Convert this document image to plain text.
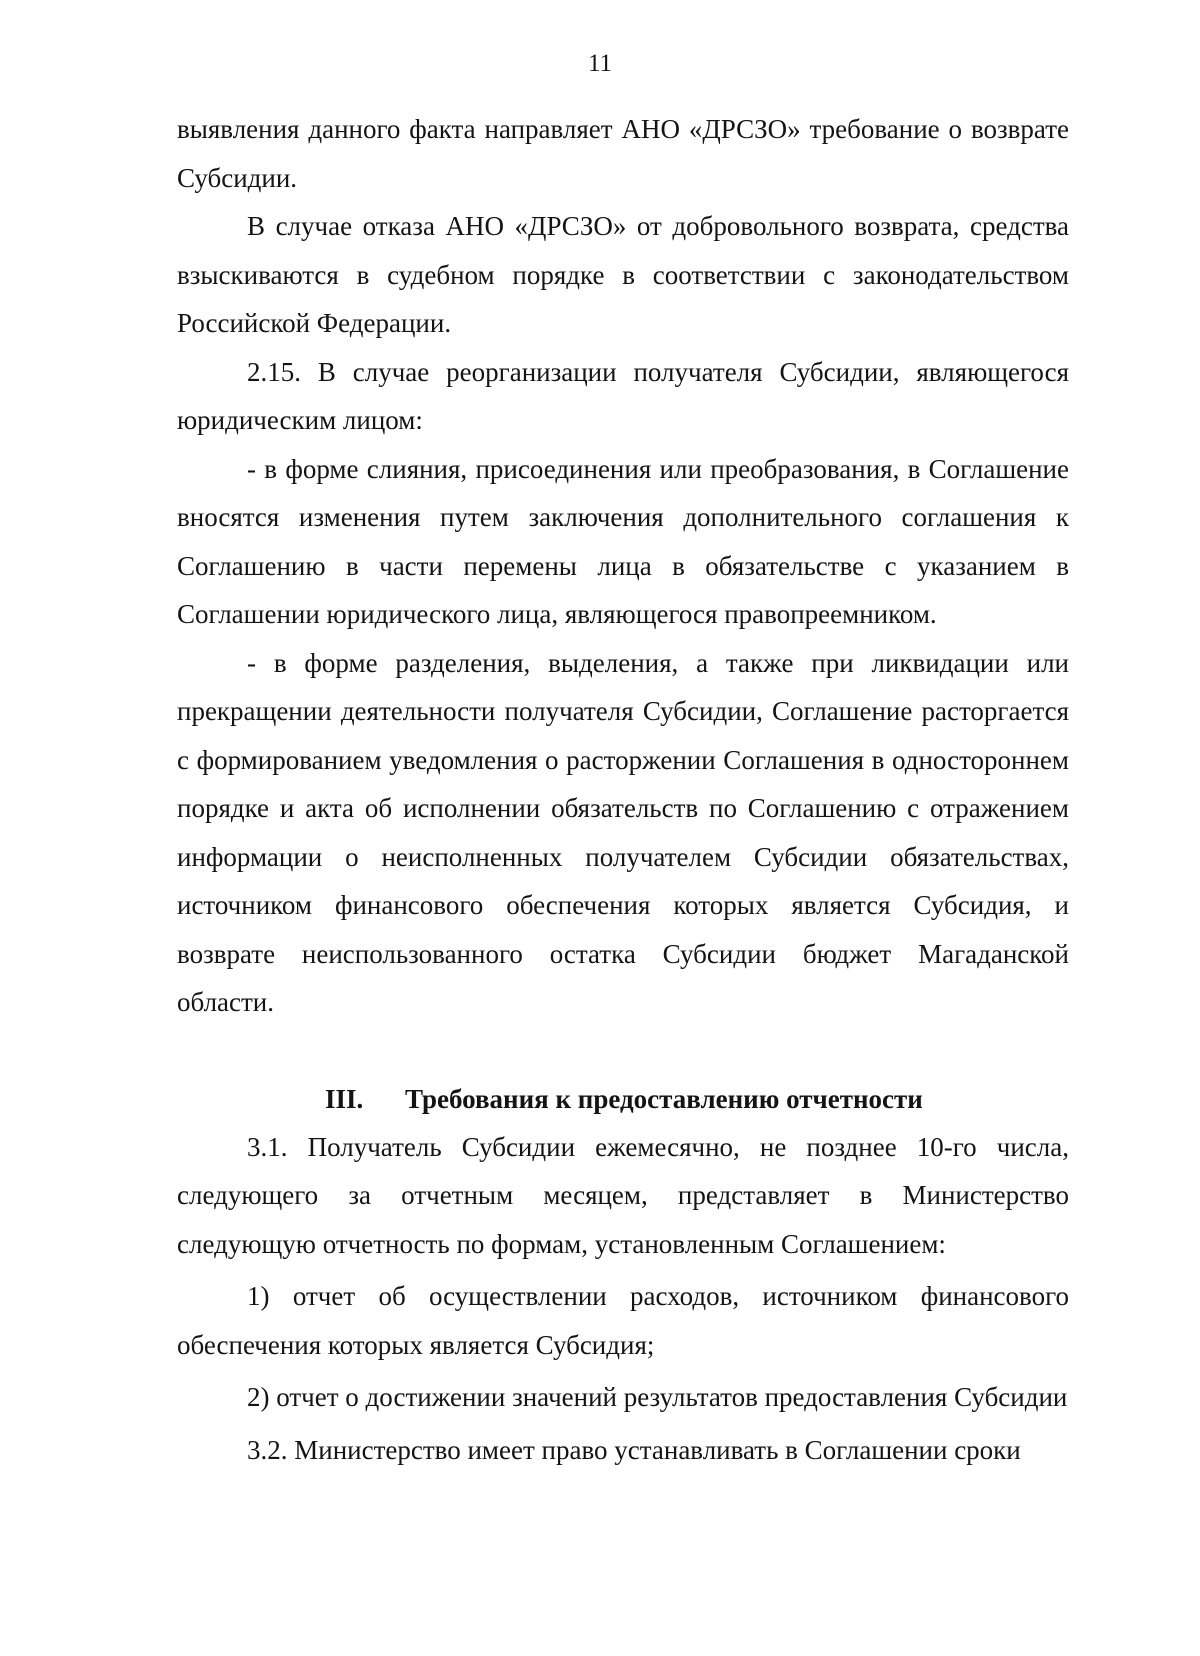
11

выявления данного факта направляет АНО «ДРСЗО» требование о возврате Субсидии.

В случае отказа АНО «ДРСЗО» от добровольного возврата, средства взыскиваются в судебном порядке в соответствии с законодательством Российской Федерации.

2.15. В случае реорганизации получателя Субсидии, являющегося юридическим лицом:

- в форме слияния, присоединения или преобразования, в Соглашение вносятся изменения путем заключения дополнительного соглашения к Соглашению в части перемены лица в обязательстве с указанием в Соглашении юридического лица, являющегося правопреемником.

- в форме разделения, выделения, а также при ликвидации или прекращении деятельности получателя Субсидии, Соглашение расторгается с формированием уведомления о расторжении Соглашения в одностороннем порядке и акта об исполнении обязательств по Соглашению с отражением информации о неисполненных получателем Субсидии обязательствах, источником финансового обеспечения которых является Субсидия, и возврате неиспользованного остатка Субсидии бюджет Магаданской области.

III.	Требования к предоставлению отчетности

3.1. Получатель Субсидии ежемесячно, не позднее 10-го числа, следующего за отчетным месяцем, представляет в Министерство следующую отчетность по формам, установленным Соглашением:

1) отчет об осуществлении расходов, источником финансового обеспечения которых является Субсидия;

2) отчет о достижении значений результатов предоставления Субсидии

3.2. Министерство имеет право устанавливать в Соглашении сроки
